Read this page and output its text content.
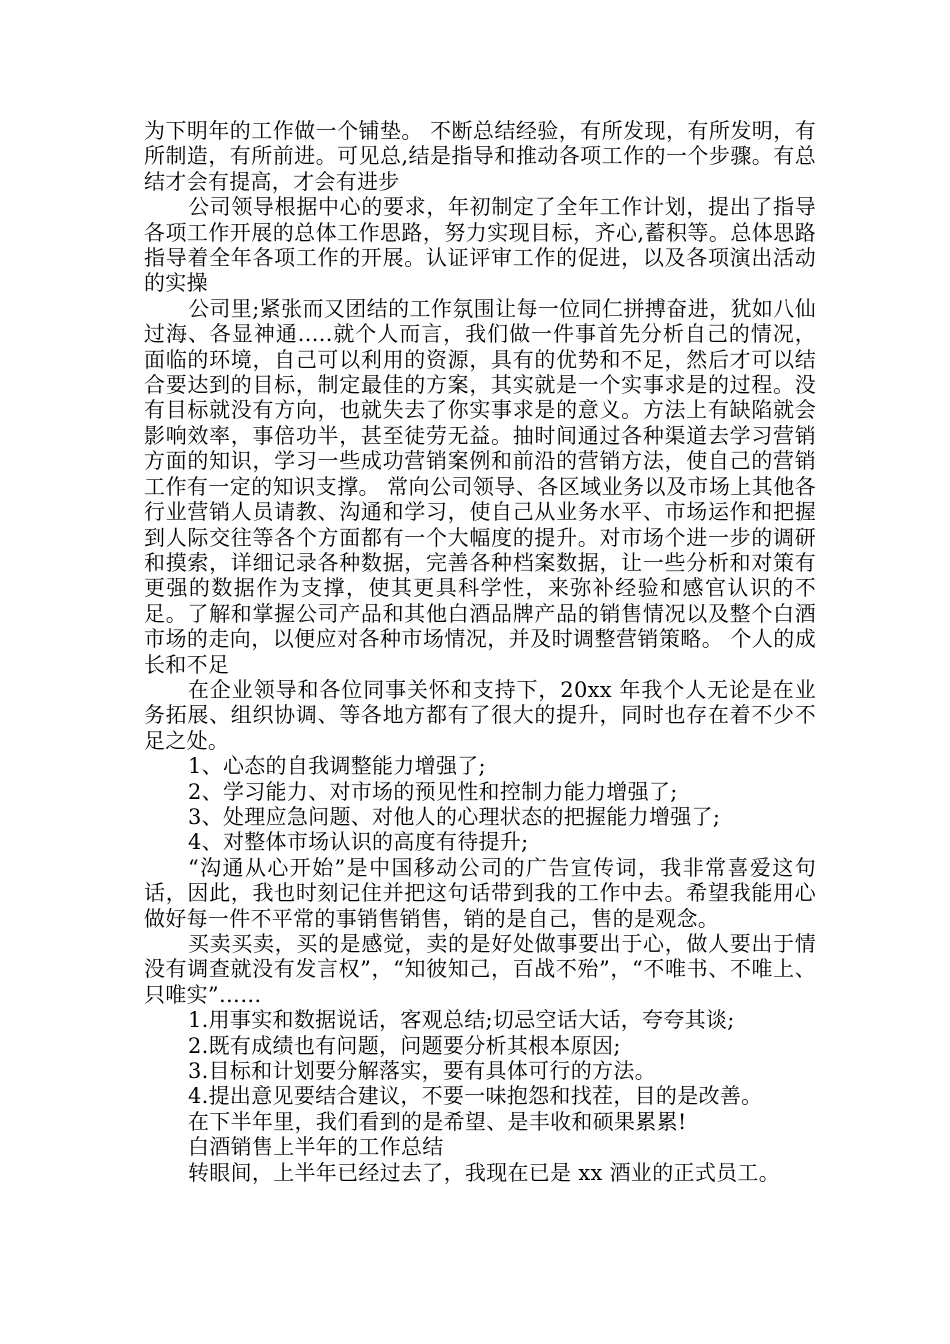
为下明年的工作做一个铺垫。 不断总结经验，有所发现，有所发明，有所制造，有所前进。可见总,结是指导和推动各项工作的一个步骤。有总结才会有提高，才会有进步

公司领导根据中心的要求，年初制定了全年工作计划，提出了指导各项工作开展的总体工作思路，努力实现目标，齐心,蓄积等。总体思路指导着全年各项工作的开展。认证评审工作的促进，以及各项演出活动的实操

公司里;紧张而又团结的工作氛围让每一位同仁拼搏奋进，犹如八仙过海、各显神通.....就个人而言，我们做一件事首先分析自己的情况，面临的环境，自己可以利用的资源，具有的优势和不足，然后才可以结合要达到的目标，制定最佳的方案，其实就是一个实事求是的过程。没有目标就没有方向，也就失去了你实事求是的意义。方法上有缺陷就会影响效率，事倍功半，甚至徒劳无益。抽时间通过各种渠道去学习营销方面的知识，学习一些成功营销案例和前沿的营销方法，使自己的营销工作有一定的知识支撑。 常向公司领导、各区域业务以及市场上其他各行业营销人员请教、沟通和学习，使自己从业务水平、市场运作和把握到人际交往等各个方面都有一个大幅度的提升。对市场个进一步的调研和摸索，详细记录各种数据，完善各种档案数据，让一些分析和对策有更强的数据作为支撑，使其更具科学性，来弥补经验和感官认识的不足。了解和掌握公司产品和其他白酒品牌产品的销售情况以及整个白酒市场的走向，以便应对各种市场情况，并及时调整营销策略。 个人的成长和不足

在企业领导和各位同事关怀和支持下，20xx 年我个人无论是在业务拓展、组织协调、等各地方都有了很大的提升，同时也存在着不少不足之处。

1、心态的自我调整能力增强了;

2、学习能力、对市场的预见性和控制力能力增强了;

3、处理应急问题、对他人的心理状态的把握能力增强了;

4、对整体市场认识的高度有待提升;

“沟通从心开始”是中国移动公司的广告宣传词，我非常喜爱这句话，因此，我也时刻记住并把这句话带到我的工作中去。希望我能用心做好每一件不平常的事销售销售，销的是自己，售的是观念。

买卖买卖，买的是感觉，卖的是好处做事要出于心，做人要出于情没有调查就没有发言权”，“知彼知己，百战不殆”，“不唯书、不唯上、只唯实”……

1.用事实和数据说话，客观总结;切忌空话大话，夸夸其谈;

2.既有成绩也有问题，问题要分析其根本原因;

3.目标和计划要分解落实，要有具体可行的方法。

4.提出意见要结合建议，不要一味抱怨和找茬，目的是改善。

在下半年里，我们看到的是希望、是丰收和硕果累累!

白酒销售上半年的工作总结

转眼间，上半年已经过去了，我现在已是 xx 酒业的正式员工。
